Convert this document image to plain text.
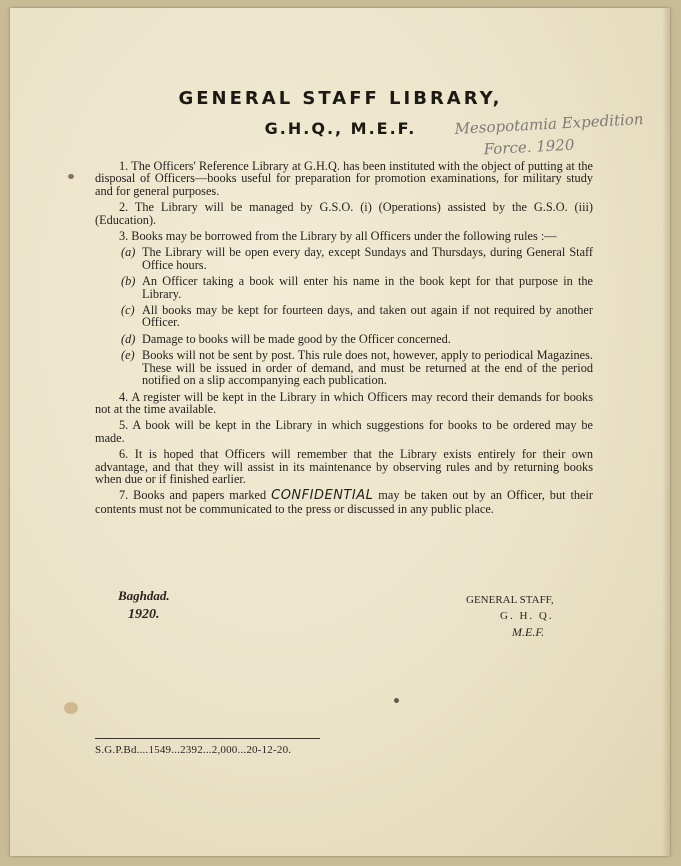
GENERAL STAFF LIBRARY,
G.H.Q., M.E.F.	Mesopotamia Expedition
Force. 1920

1. The Officers' Reference Library at G.H.Q. has been instituted with the object of putting at the disposal of Officers—books useful for preparation for promotion examinations, for military study and for general purposes.

2. The Library will be managed by G.S.O. (i) (Operations) assisted by the G.S.O. (iii) (Education).

3. Books may be borrowed from the Library by all Officers under the following rules :—

(a) The Library will be open every day, except Sundays and Thursdays, during General Staff Office hours.

(b) An Officer taking a book will enter his name in the book kept for that purpose in the Library.

(c) All books may be kept for fourteen days, and taken out again if not required by another Officer.

(d) Damage to books will be made good by the Officer concerned.

(e) Books will not be sent by post. This rule does not, however, apply to periodical Magazines. These will be issued in order of demand, and must be returned at the end of the period notified on a slip accompanying each publication.

4. A register will be kept in the Library in which Officers may record their demands for books not at the time available.

5. A book will be kept in the Library in which suggestions for books to be ordered may be made.

6. It is hoped that Officers will remember that the Library exists entirely for their own advantage, and that they will assist in its maintenance by observing rules and by returning books when due or if finished earlier.

7. Books and papers marked CONFIDENTIAL may be taken out by an Officer, but their contents must not be communicated to the press or discussed in any public place.

Baghdad.
1920.
GENERAL STAFF,
G. H. Q.
M.E.F.
S.G.P.Bd....1549...2392...2,000...20-12-20.
